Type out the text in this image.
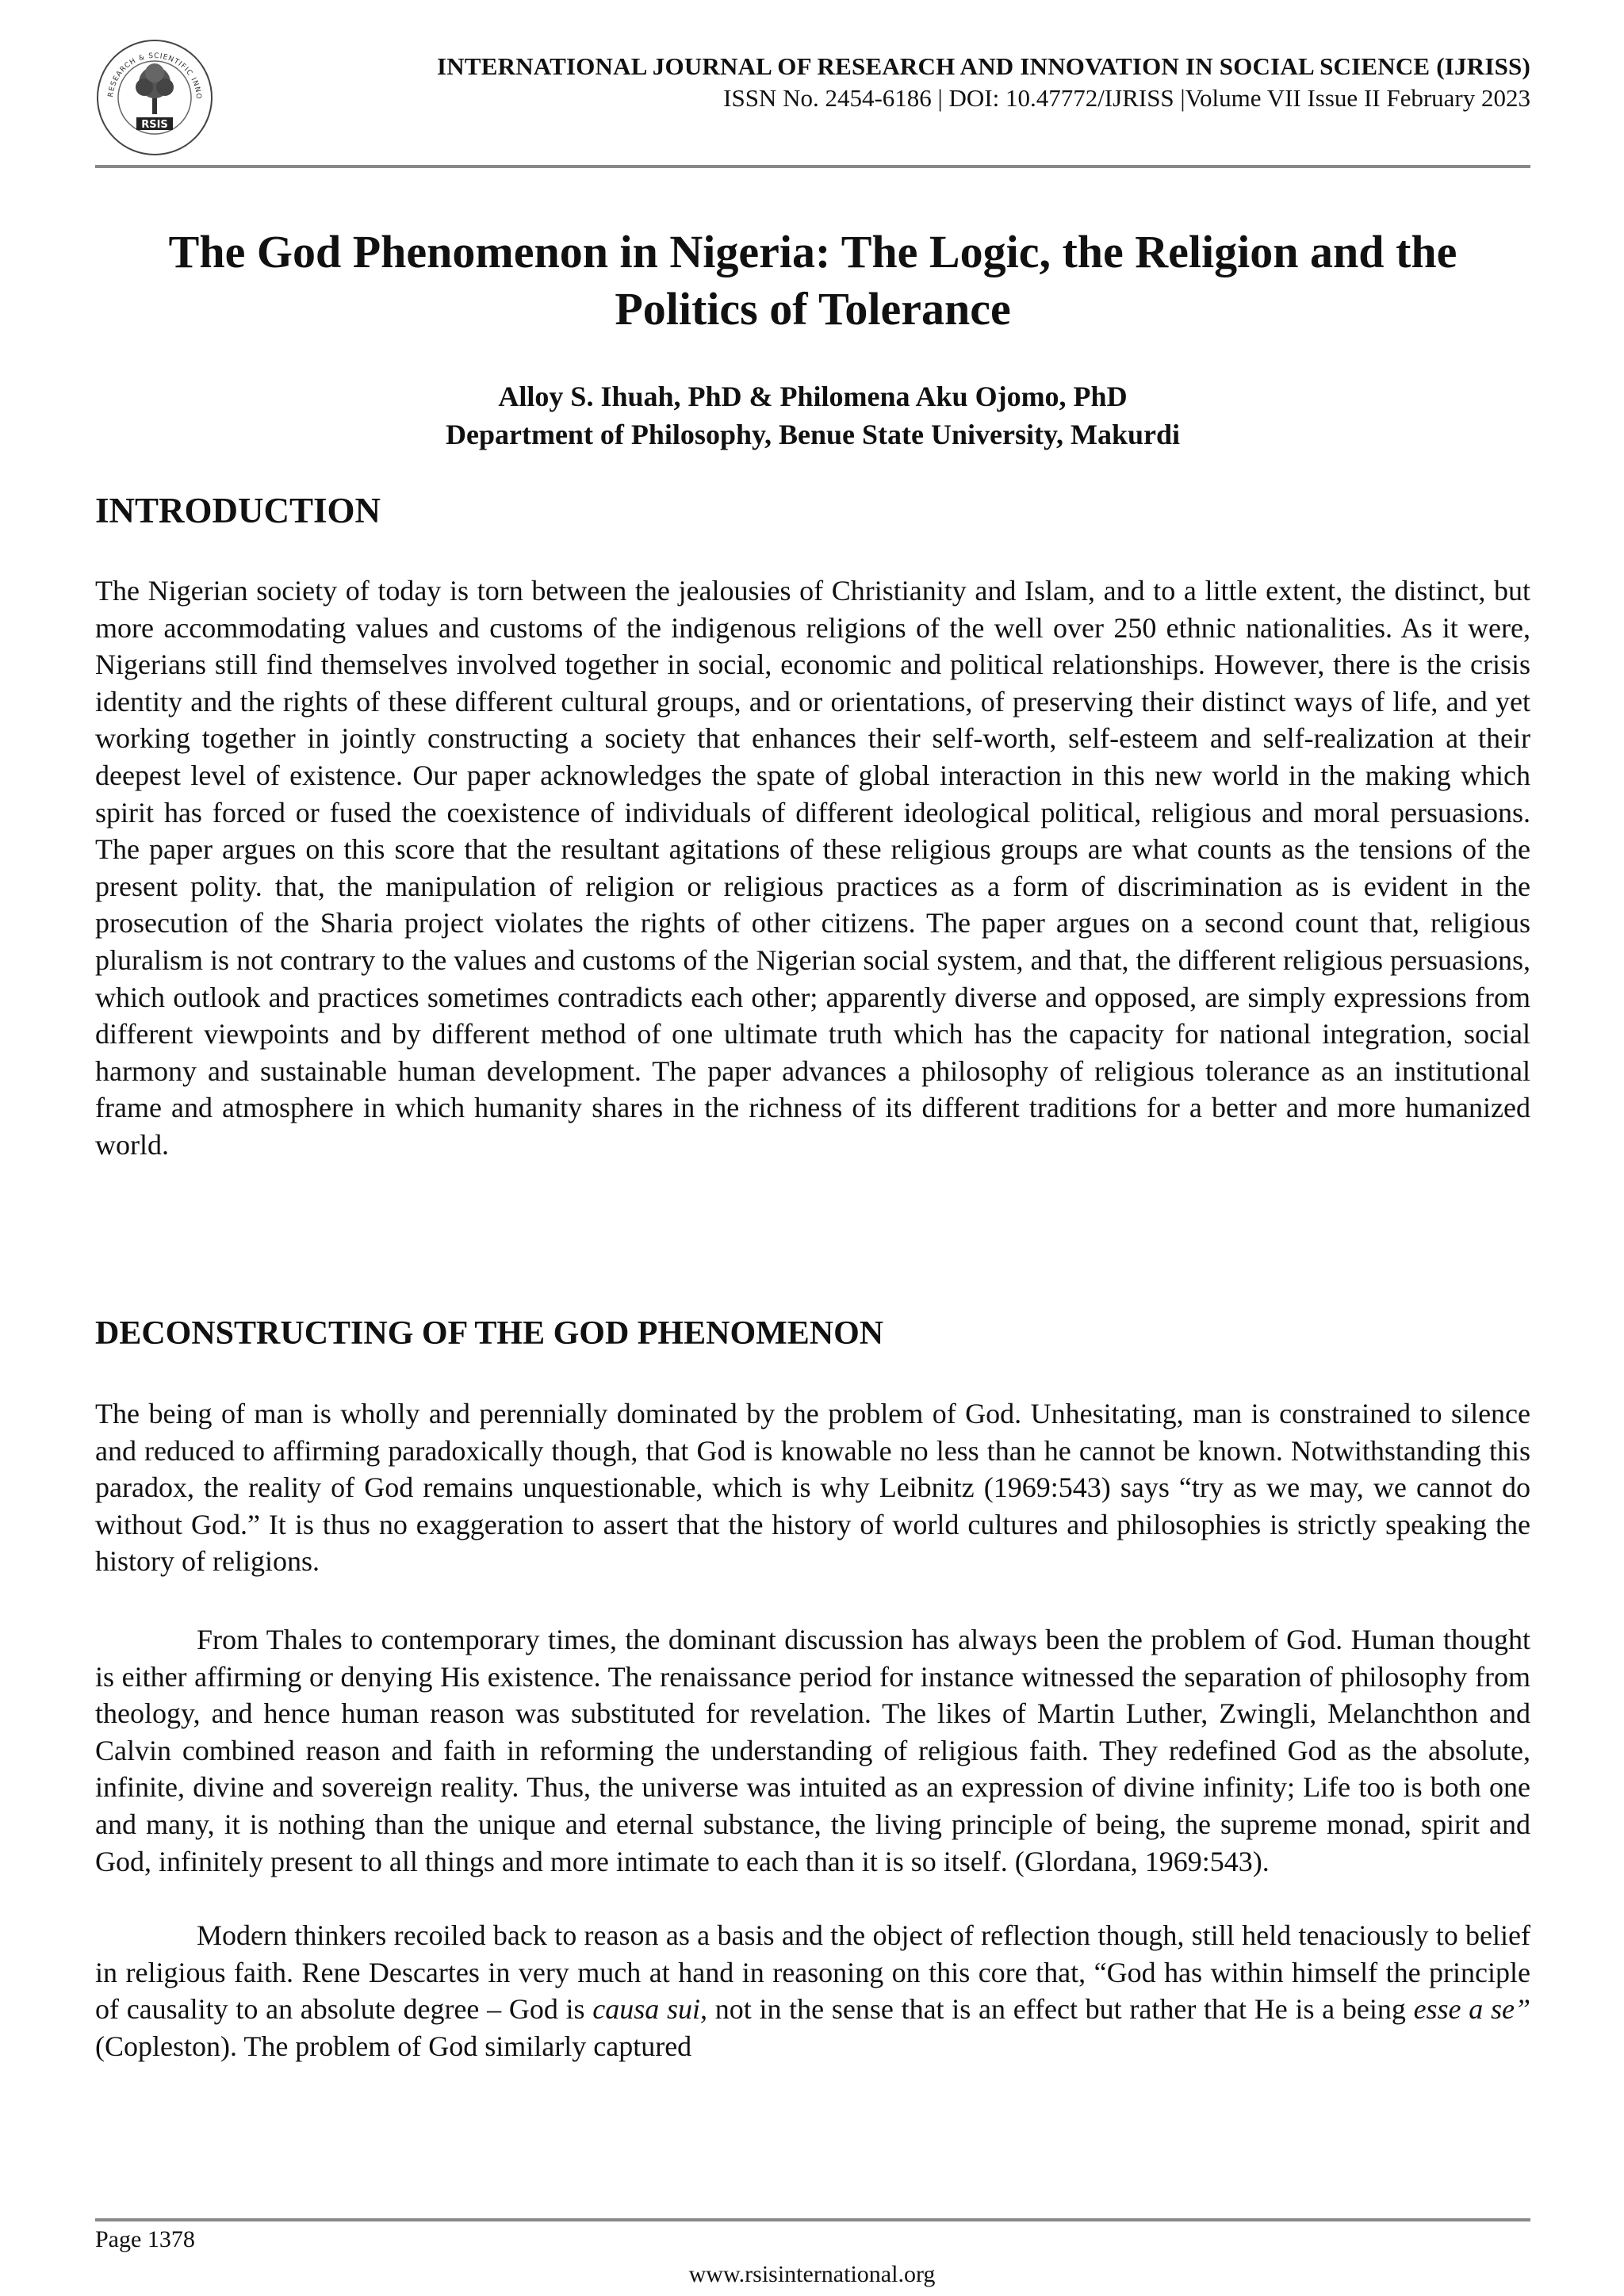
RESEARCH & SCIENTIFIC INNO
RSIS
INTERNATIONAL JOURNAL OF RESEARCH AND INNOVATION IN SOCIAL SCIENCE (IJRISS)
ISSN No. 2454-6186 | DOI: 10.47772/IJRISS |Volume VII Issue II February 2023
The God Phenomenon in Nigeria: The Logic, the Religion and the
Politics of Tolerance
Alloy S. Ihuah, PhD & Philomena Aku Ojomo, PhD
Department of Philosophy, Benue State University, Makurdi
INTRODUCTION
The Nigerian society of today is torn between the jealousies of Christianity and Islam, and to a little extent, the distinct, but more accommodating values and customs of the indigenous religions of the well over 250 ethnic nationalities. As it were, Nigerians still find themselves involved together in social, economic and political relationships. However, there is the crisis identity and the rights of these different cultural groups, and or orientations, of preserving their distinct ways of life, and yet working together in jointly constructing a society that enhances their self-worth, self-esteem and self-realization at their deepest level of existence. Our paper acknowledges the spate of global interaction in this new world in the making which spirit has forced or fused the coexistence of individuals of different ideological political, religious and moral persuasions. The paper argues on this score that the resultant agitations of these religious groups are what counts as the tensions of the present polity. that, the manipulation of religion or religious practices as a form of discrimination as is evident in the prosecution of the Sharia project violates the rights of other citizens. The paper argues on a second count that, religious pluralism is not contrary to the values and customs of the Nigerian social system, and that, the different religious persuasions, which outlook and practices sometimes contradicts each other; apparently diverse and opposed, are simply expressions from different viewpoints and by different method of one ultimate truth which has the capacity for national integration, social harmony and sustainable human development. The paper advances a philosophy of religious tolerance as an institutional frame and atmosphere in which humanity shares in the richness of its different traditions for a better and more humanized world.
DECONSTRUCTING OF THE GOD PHENOMENON
The being of man is wholly and perennially dominated by the problem of God. Unhesitating, man is constrained to silence and reduced to affirming paradoxically though, that God is knowable no less than he cannot be known. Notwithstanding this paradox, the reality of God remains unquestionable, which is why Leibnitz (1969:543) says “try as we may, we cannot do without God.” It is thus no exaggeration to assert that the history of world cultures and philosophies is strictly speaking the history of religions.
From Thales to contemporary times, the dominant discussion has always been the problem of God. Human thought is either affirming or denying His existence. The renaissance period for instance witnessed the separation of philosophy from theology, and hence human reason was substituted for revelation. The likes of Martin Luther, Zwingli, Melanchthon and Calvin combined reason and faith in reforming the understanding of religious faith. They redefined God as the absolute, infinite, divine and sovereign reality. Thus, the universe was intuited as an expression of divine infinity; Life too is both one and many, it is nothing than the unique and eternal substance, the living principle of being, the supreme monad, spirit and God, infinitely present to all things and more intimate to each than it is so itself. (Glordana, 1969:543).
Modern thinkers recoiled back to reason as a basis and the object of reflection though, still held tenaciously to belief in religious faith. Rene Descartes in very much at hand in reasoning on this core that, “God has within himself the principle of causality to an absolute degree – God is causa sui, not in the sense that is an effect but rather that He is a being esse a se” (Copleston). The problem of God similarly captured
Page 1378
www.rsisinternational.org
